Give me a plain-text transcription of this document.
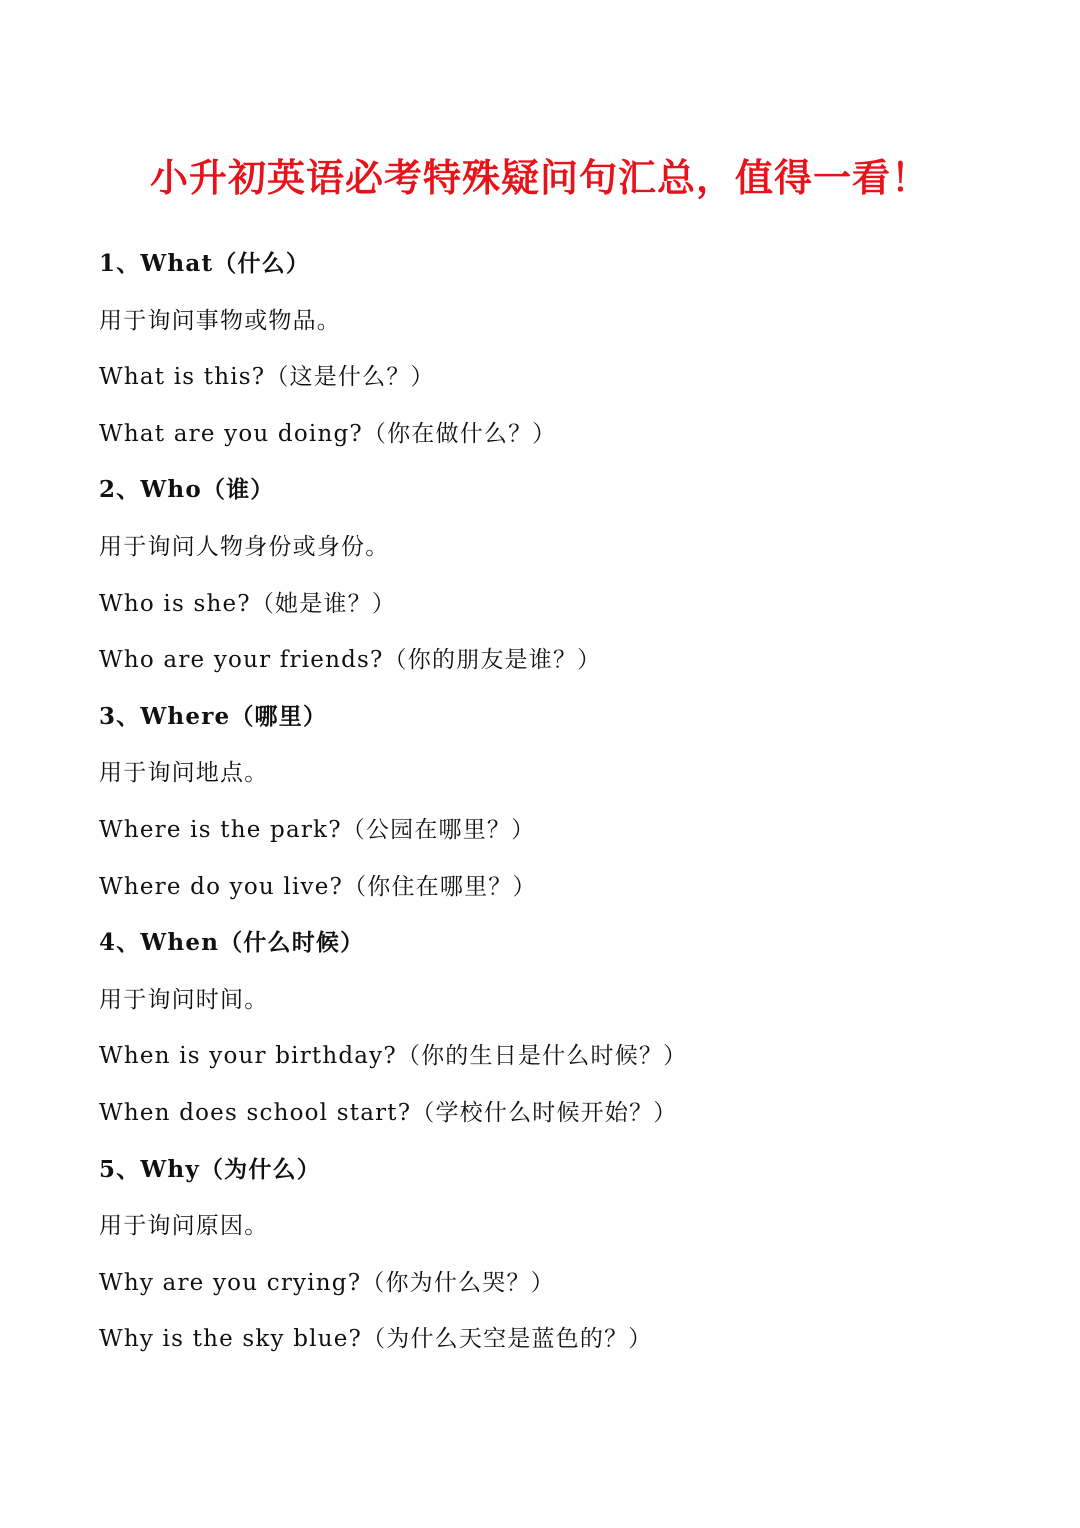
小升初英语必考特殊疑问句汇总，值得一看！
1、What（什么）
用于询问事物或物品。
What is this?（这是什么？）
What are you doing?（你在做什么？）
2、Who（谁）
用于询问人物身份或身份。
Who is she?（她是谁？）
Who are your friends?（你的朋友是谁？）
3、Where（哪里）
用于询问地点。
Where is the park?（公园在哪里？）
Where do you live?（你住在哪里？）
4、When（什么时候）
用于询问时间。
When is your birthday?（你的生日是什么时候？）
When does school start?（学校什么时候开始？）
5、Why（为什么）
用于询问原因。
Why are you crying?（你为什么哭？）
Why is the sky blue?（为什么天空是蓝色的？）
